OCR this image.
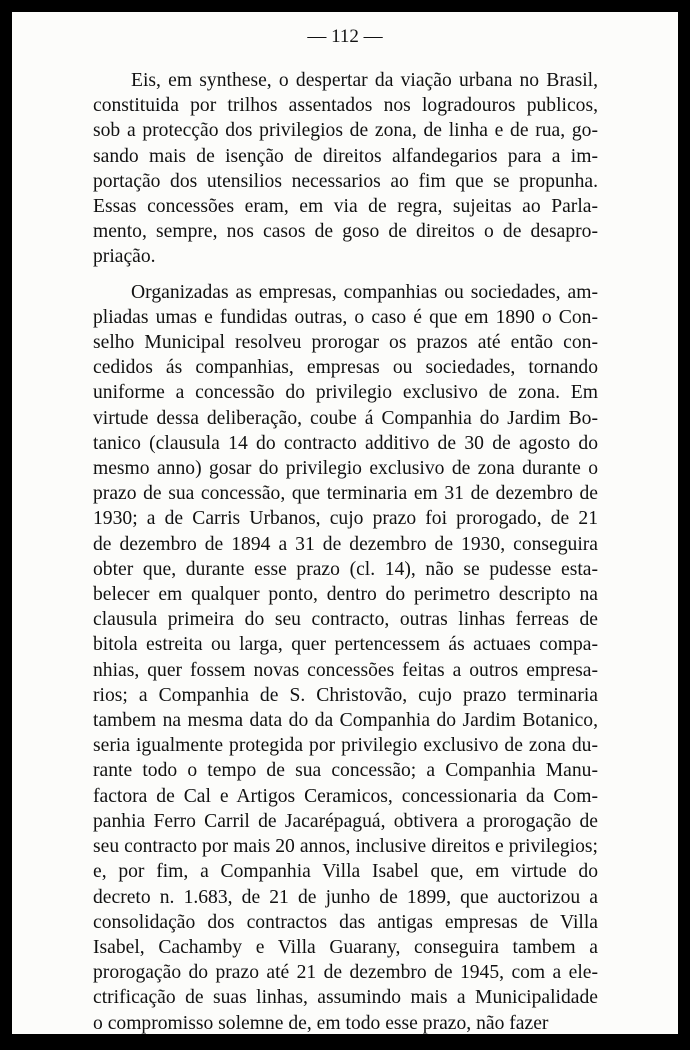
— 112 —

Eis, em synthese, o despertar da viação urbana no Brasil,
constituida por trilhos assentados nos logradouros publicos,
sob a protecção dos privilegios de zona, de linha e de rua, go-
sando mais de isenção de direitos alfandegarios para a im-
portação dos utensilios necessarios ao fim que se propunha.
Essas concessões eram, em via de regra, sujeitas ao Parla-
mento, sempre, nos casos de goso de direitos o de desapro-
priação.

Organizadas as empresas, companhias ou sociedades, am-
pliadas umas e fundidas outras, o caso é que em 1890 o Con-
selho Municipal resolveu prorogar os prazos até então con-
cedidos ás companhias, empresas ou sociedades, tornando
uniforme a concessão do privilegio exclusivo de zona. Em
virtude dessa deliberação, coube á Companhia do Jardim Bo-
tanico (clausula 14 do contracto additivo de 30 de agosto do
mesmo anno) gosar do privilegio exclusivo de zona durante o
prazo de sua concessão, que terminaria em 31 de dezembro de
1930; a de Carris Urbanos, cujo prazo foi prorogado, de 21
de dezembro de 1894 a 31 de dezembro de 1930, conseguira
obter que, durante esse prazo (cl. 14), não se pudesse esta-
belecer em qualquer ponto, dentro do perimetro descripto na
clausula primeira do seu contracto, outras linhas ferreas de
bitola estreita ou larga, quer pertencessem ás actuaes compa-
nhias, quer fossem novas concessões feitas a outros empresa-
rios; a Companhia de S. Christovão, cujo prazo terminaria
tambem na mesma data do da Companhia do Jardim Botanico,
seria igualmente protegida por privilegio exclusivo de zona du-
rante todo o tempo de sua concessão; a Companhia Manu-
factora de Cal e Artigos Ceramicos, concessionaria da Com-
panhia Ferro Carril de Jacarépaguá, obtivera a prorogação de
seu contracto por mais 20 annos, inclusive direitos e privilegios;
e, por fim, a Companhia Villa Isabel que, em virtude do
decreto n. 1.683, de 21 de junho de 1899, que auctorizou a
consolidação dos contractos das antigas empresas de Villa
Isabel, Cachamby e Villa Guarany, conseguira tambem a
prorogação do prazo até 21 de dezembro de 1945, com a ele-
ctrificação de suas linhas, assumindo mais a Municipalidade
o compromisso solemne de, em todo esse prazo, não fazer
